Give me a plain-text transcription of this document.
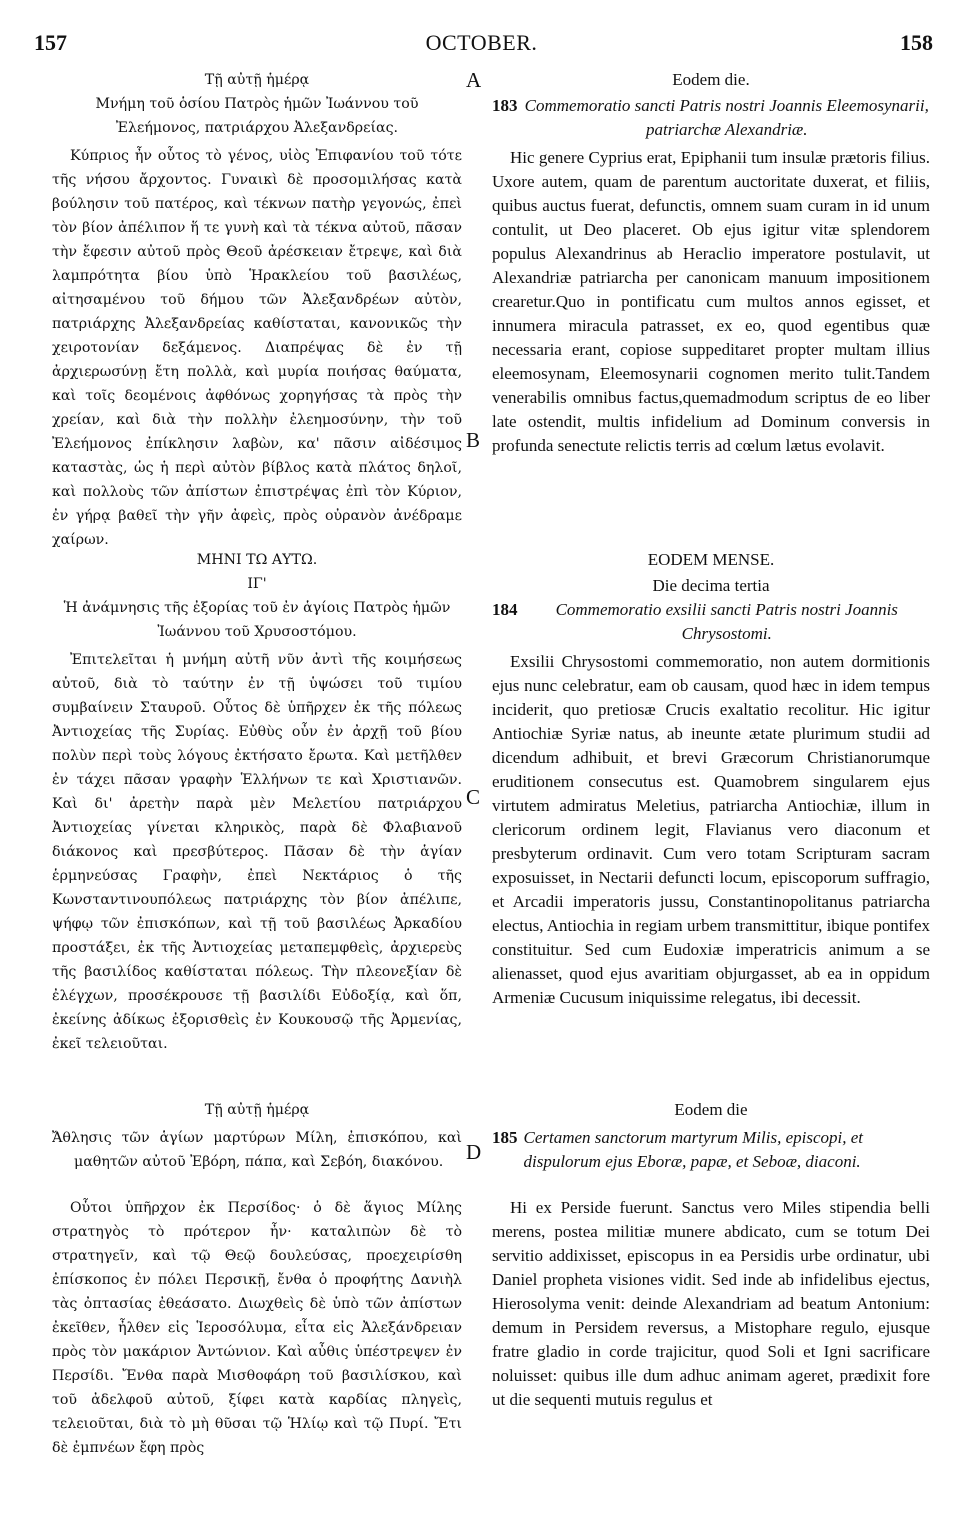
157	OCTOBER.	158
A
B
C
D
Τῇ αὐτῇ ἡμέρᾳ
Μνήμη τοῦ ὁσίου Πατρὸς ἡμῶν Ἰωάννου τοῦ Ἐλεήμονος, πατριάρχου Ἀλεξανδρείας.
Κύπριος ἦν οὗτος τὸ γένος, υἱὸς Ἐπιφανίου τοῦ τότε τῆς νήσου ἄρχοντος. Γυναικὶ δὲ προσομιλήσας κατὰ βούλησιν τοῦ πατέρος, καὶ τέκνων πατὴρ γεγονώς, ἐπεὶ τὸν βίον ἀπέλιπον ἥ τε γυνὴ καὶ τὰ τέκνα αὐτοῦ, πᾶσαν τὴν ἔφεσιν αὐτοῦ πρὸς Θεοῦ ἀρέσκειαν ἔτρεψε, καὶ διὰ λαμπρότητα βίου ὑπὸ Ἡρακλείου τοῦ βασιλέως, αἰτησαμένου τοῦ δήμου τῶν Ἀλεξανδρέων αὐτὸν, πατριάρχης Ἀλεξανδρείας καθίσταται, κανονικῶς τὴν χειροτονίαν δεξάμενος. Διαπρέψας δὲ ἐν τῇ ἀρχιερωσύνῃ ἔτη πολλὰ, καὶ μυρία ποιήσας θαύματα, καὶ τοῖς δεομένοις ἀφθόνως χορηγήσας τὰ πρὸς τὴν χρείαν, καὶ διὰ τὴν πολλὴν ἐλεημοσύνην, τὴν τοῦ Ἐλεήμονος ἐπίκλησιν λαβὼν, κα' πᾶσιν αἰδέσιμος καταστὰς, ὡς ἡ περὶ αὐτὸν βίβλος κατὰ πλάτος δηλοῖ, καὶ πολλοὺς τῶν ἀπίστων ἐπιστρέψας ἐπὶ τὸν Κύριον, ἐν γήρᾳ βαθεῖ τὴν γῆν ἀφεὶς, πρὸς οὐρανὸν ἀνέδραμε χαίρων.
ΜΗΝΙ ΤΩ ΑΥΤΩ.
ΙΓ'
Ἡ ἀνάμνησις τῆς ἐξορίας τοῦ ἐν ἁγίοις Πατρὸς ἡμῶν Ἰωάννου τοῦ Χρυσοστόμου.
Ἐπιτελεῖται ἡ μνήμη αὐτῆ νῦν ἀντὶ τῆς κοιμήσεως αὐτοῦ, διὰ τὸ ταύτην ἐν τῇ ὑψώσει τοῦ τιμίου συμβαίνειν Σταυροῦ. Οὗτος δὲ ὑπῆρχεν ἐκ τῆς πόλεως Ἀντιοχείας τῆς Συρίας. Εὐθὺς οὖν ἐν ἀρχῇ τοῦ βίου πολὺν περὶ τοὺς λόγους ἐκτήσατο ἔρωτα. Καὶ μετῆλθεν ἐν τάχει πᾶσαν γραφὴν Ἑλλήνων τε καὶ Χριστιανῶν. Καὶ δι' ἀρετὴν παρὰ μὲν Μελετίου πατριάρχου Ἀντιοχείας γίνεται κληρικὸς, παρὰ δὲ Φλαβιανοῦ διάκονος καὶ πρεσβύτερος. Πᾶσαν δὲ τὴν ἁγίαν ἑρμηνεύσας Γραφὴν, ἐπεὶ Νεκτάριος ὁ τῆς Κωνσταντινουπόλεως πατριάρχης τὸν βίον ἀπέλιπε, ψήφῳ τῶν ἐπισκόπων, καὶ τῇ τοῦ βασιλέως Ἀρκαδίου προστάξει, ἐκ τῆς Ἀντιοχείας μεταπεμφθεὶς, ἀρχιερεὺς τῆς βασιλίδος καθίσταται πόλεως. Τὴν πλεονεξίαν δὲ ἐλέγχων, προσέκρουσε τῇ βασιλίδι Εὐδοξίᾳ, καὶ ὅπ, ἐκείνης ἀδίκως ἐξορισθεὶς ἐν Κουκουσῷ τῆς Ἀρμενίας, ἐκεῖ τελειοῦται.
Τῇ αὐτῇ ἡμέρᾳ
Ἄθλησις τῶν ἁγίων μαρτύρων Μίλη, ἐπισκόπου, καὶ μαθητῶν αὐτοῦ Ἐβόρη, πάπα, καὶ Σεβόη, διακόνου.
Οὗτοι ὑπῆρχον ἐκ Περσίδος· ὁ δὲ ἅγιος Μίλης στρατηγὸς τὸ πρότερον ἦν· καταλιπὼν δὲ τὸ στρατηγεῖν, καὶ τῷ Θεῷ δουλεύσας, προεχειρίσθη ἐπίσκοπος ἐν πόλει Περσικῇ, ἔνθα ὁ προφήτης Δανιὴλ τὰς ὀπτασίας ἐθεάσατο. Διωχθεὶς δὲ ὑπὸ τῶν ἀπίστων ἐκεῖθεν, ἦλθεν εἰς Ἱεροσόλυμα, εἶτα εἰς Ἀλεξάνδρειαν πρὸς τὸν μακάριον Ἀντώνιον. Καὶ αὖθις ὑπέστρεψεν ἐν Περσίδι. Ἔνθα παρὰ Μισθοφάρη τοῦ βασιλίσκου, καὶ τοῦ ἀδελφοῦ αὐτοῦ, ξίφει κατὰ καρδίας πληγεὶς, τελειοῦται, διὰ τὸ μὴ θῦσαι τῷ Ἡλίῳ καὶ τῷ Πυρί. Ἔτι δὲ ἐμπνέων ἔφη πρὸς
Eodem die.
183 Commemoratio sancti Patris nostri Joannis Eleemosynarii, patriarchæ Alexandriæ.
Hic genere Cyprius erat, Epiphanii tum insulæ prætoris filius. Uxore autem, quam de parentum auctoritate duxerat, et filiis, quibus auctus fuerat, defunctis, omnem suam curam in id unum contulit, ut Deo placeret. Ob ejus igitur vitæ splendorem populus Alexandrinus ab Heraclio imperatore postulavit, ut Alexandriæ patriarcha per canonicam manuum impositionem crearetur.Quo in pontificatu cum multos annos egisset, et innumera miracula patrasset, ex eo, quod egentibus quæ necessaria erant, copiose suppeditaret propter multam illius eleemosynam, Eleemosynarii cognomen merito tulit.Tandem venerabilis omnibus factus,quemadmodum scriptus de eo liber late ostendit, multis infidelium ad Dominum conversis in profunda senectute relictis terris ad cœlum lætus evolavit.
EODEM MENSE.
Die decima tertia
184	Commemoratio exsilii sancti Patris nostri Joannis Chrysostomi.
Exsilii Chrysostomi commemoratio, non autem dormitionis ejus nunc celebratur, eam ob causam, quod hæc in idem tempus inciderit, quo pretiosæ Crucis exaltatio recolitur. Hic igitur Antiochiæ Syriæ natus, ab ineunte ætate plurimum studii ad dicendum adhibuit, et brevi Græcorum Christianorumque eruditionem consecutus est. Quamobrem singularem ejus virtutem admiratus Meletius, patriarcha Antiochiæ, illum in clericorum ordinem legit, Flavianus vero diaconum et presbyterum ordinavit. Cum vero totam Scripturam sacram exposuisset, in Nectarii defuncti locum, episcoporum suffragio, et Arcadii imperatoris jussu, Constantinopolitanus patriarcha electus, Antiochia in regiam urbem transmittitur, ibique pontifex constituitur. Sed cum Eudoxiæ imperatricis animum a se alienasset, quod ejus avaritiam objurgasset, ab ea in oppidum Armeniæ Cucusum iniquissime relegatus, ibi decessit.
Eodem die
185 Certamen sanctorum martyrum Milis, episcopi, et dispulorum ejus Eboræ, papæ, et Seboæ, diaconi.
Hi ex Perside fuerunt. Sanctus vero Miles stipendia belli merens, postea militiæ munere abdicato, cum se totum Dei servitio addixisset, episcopus in ea Persidis urbe ordinatur, ubi Daniel propheta visiones vidit. Sed inde ab infidelibus ejectus, Hierosolyma venit: deinde Alexandriam ad beatum Antonium: demum in Persidem reversus, a Mistophare regulo, ejusque fratre gladio in corde trajicitur, quod Soli et Igni sacrificare noluisset: quibus ille dum adhuc animam ageret, prædixit fore ut die sequenti mutuis regulus et
